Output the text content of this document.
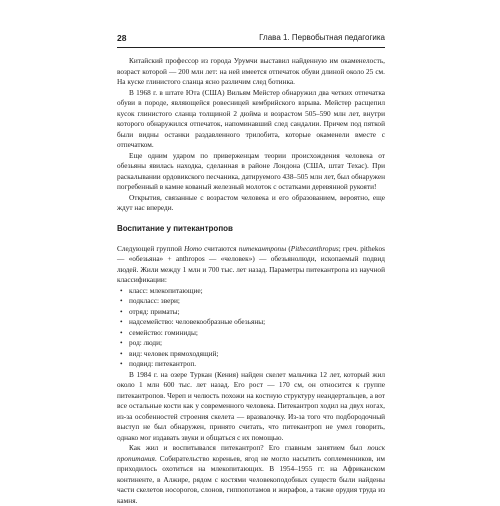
28	Глава 1. Первобытная педагогика

Китайский профессор из города Урумчи выставил найденную им окаменелость, возраст которой — 200 млн лет: на ней имеется отпечаток обуви длиной около 25 см. На куске глинистого сланца ясно различим след ботинка.

В 1968 г. в штате Юта (США) Вильям Мейстер обнаружил два четких отпечатка обуви в породе, являющейся ровесницей кембрийского взрыва. Мейстер расщепил кусок глинистого сланца толщиной 2 дюйма и возрастом 505–590 млн лет, внутри которого обнаружился отпечаток, напоминавший след сандалии. Причем под пяткой были видны останки раздавленного трилобита, которые окаменели вместе с отпечатком.

Еще одним ударом по приверженцам теории происхождения человека от обезьяны явилась находка, сделанная в районе Лондона (США, штат Техас). При раскалывании ордовикского песчаника, датируемого 438–505 млн лет, был обнаружен погребенный в камне кованый железный молоток с остатками деревянной рукояти!

Открытия, связанные с возрастом человека и его образованием, вероятно, еще ждут нас впереди.

Воспитание у питекантропов

Следующей группой Homo считаются питекантропы (Pithecanthropus; греч. pithekos — «обезьяна» + anthropos — «человек») — обезьянолюди, ископаемый подвид людей. Жили между 1 млн и 700 тыс. лет назад. Параметры питекантропа из научной классификации:

• класс: млекопитающие;
• подкласс: звери;
• отряд: приматы;
• надсемейство: человекообразные обезьяны;
• семейство: гоминиды;
• род: люди;
• вид: человек прямоходящий;
• подвид: питекантроп.

В 1984 г. на озере Туркан (Кения) найден скелет мальчика 12 лет, который жил около 1 млн 600 тыс. лет назад. Его рост — 170 см, он относится к группе питекантропов. Череп и челюсть похожи на костную структуру неандертальцев, а вот все остальные кости как у современного человека. Питекантроп ходил на двух ногах, из-за особенностей строения скелета — вразвалочку. Из-за того что подбородочный выступ не был обнаружен, принято считать, что питекантроп не умел говорить, однако мог издавать звуки и общаться с их помощью.

Как жил и воспитывался питекантроп? Его главным занятием был поиск пропитания. Собирательство кореньев, ягод не могло насытить соплеменников, им приходилось охотиться на млекопитающих. В 1954–1955 гг. на Африканском континенте, в Алжире, рядом с костями человекоподобных существ были найдены части скелетов носорогов, слонов, гиппопотамов и жирафов, а также орудия труда из камня.
